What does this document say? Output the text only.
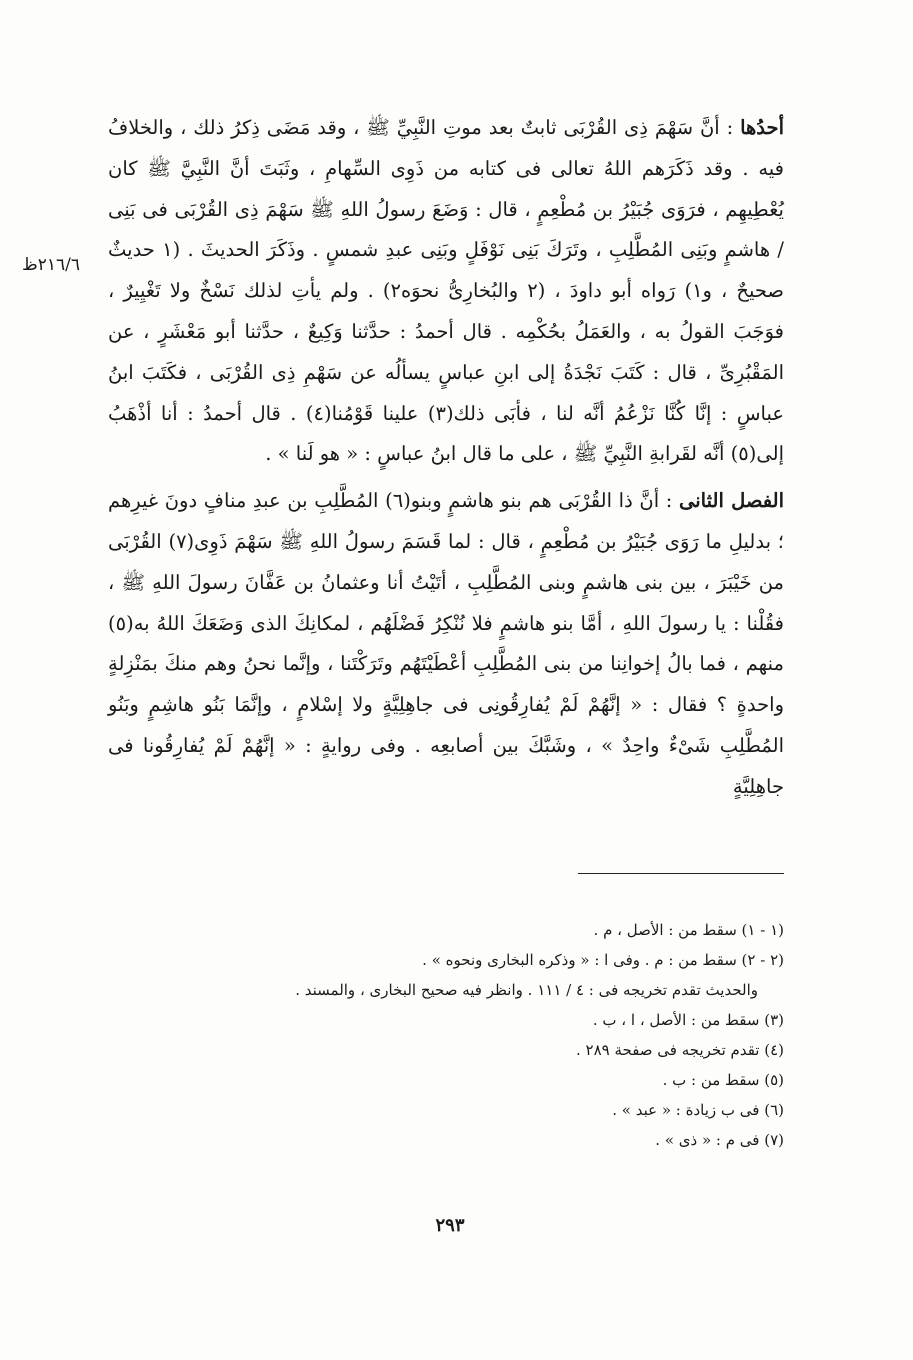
٢١٦/٦ظ

أحدُها : أنَّ سَهْمَ ذِى القُرْبَى ثابتٌ بعد موتِ النَّبِيِّ ﷺ ، وقد مَضَى ذِكرُ ذلك ، والخلافُ فيه . وقد ذَكَرَهم اللهُ تعالى فى كتابه من ذَوِى السِّهامِ ، وثَبَتَ أنَّ النَّبِيَّ ﷺ كان يُعْطِيهِم ، فرَوَى جُبَيْرُ بن مُطْعِمٍ ، قال : وَضَعَ رسولُ اللهِ ﷺ سَهْمَ ذِى القُرْبَى فى بَنِى / هاشمٍ وبَنِى المُطَّلِبِ ، وتَرَكَ بَنِى نَوْفَلٍ وبَنِى عبدِ شمسٍ . وذَكَرَ الحديثَ . (١ حديثٌ صحيحٌ ، و١) رَواه أبو داودَ ، (٢ والبُخارِىُّ نحوَه٢) . ولم يأتِ لذلك نَسْخٌ ولا تَغْيِيرٌ ، فوَجَبَ القولُ به ، والعَمَلُ بحُكْمِه . قال أحمدُ : حدَّثنا وَكِيعٌ ، حدَّثنا أبو مَعْشَرٍ ، عن المَقْبُرِىِّ ، قال : كَتَبَ نَجْدَةُ إلى ابنِ عباسٍ يسألُه عن سَهْمِ ذِى القُرْبَى ، فكَتَبَ ابنُ عباسٍ : إنَّا كُنَّا نَزْعُمُ أنَّه لنا ، فأبَى ذلك(٣) علينا قَوْمُنا(٤) . قال أحمدُ : أنا أذْهَبُ إلى(٥) أنَّه لقَرابةِ النَّبِيِّ ﷺ ، على ما قال ابنُ عباسٍ : « هو لَنا » .

الفصل الثانى : أنَّ ذا القُرْبَى هم بنو هاشمٍ وبنو(٦) المُطَّلِبِ بن عبدِ منافٍ دونَ غيرِهم ؛ بدليلِ ما رَوَى جُبَيْرُ بن مُطْعِمٍ ، قال : لما قَسَمَ رسولُ اللهِ ﷺ سَهْمَ ذَوِى(٧) القُرْبَى من خَيْبَرَ ، بين بنى هاشمٍ وبنى المُطَّلِبِ ، أتَيْتُ أنا وعثمانُ بن عَفَّانَ رسولَ اللهِ ﷺ ، فقُلْنا : يا رسولَ اللهِ ، أمَّا بنو هاشمٍ فلا نُنْكِرُ فَضْلَهُم ، لمكانِكَ الذى وَضَعَكَ اللهُ به(٥) منهم ، فما بالُ إخوانِنا من بنى المُطَّلِبِ أعْطَيْتَهُم وتَرَكْتَنا ، وإنَّما نحنُ وهم منكَ بمَنْزِلةٍ واحدةٍ ؟ فقال : « إنَّهُمْ لَمْ يُفارِقُونِى فى جاهِلِيَّةٍ ولا إسْلامٍ ، وإنَّمَا بَنُو هاشِمٍ وبَنُو المُطَّلِبِ شَىْءٌ واحِدٌ » ، وشَبَّكَ بين أصابعِه . وفى روايةٍ : « إنَّهُمْ لَمْ يُفارِقُونا فى جاهِلِيَّةٍ

(١ - ١) سقط من : الأصل ، م .
(٢ - ٢) سقط من : م . وفى ا : « وذكره البخارى ونحوه » .
والحديث تقدم تخريجه فى : ٤ / ١١١ . وانظر فيه صحيح البخارى ، والمسند .
(٣) سقط من : الأصل ، ا ، ب .
(٤) تقدم تخريجه فى صفحة ٢٨٩ .
(٥) سقط من : ب .
(٦) فى ب زيادة : « عبد » .
(٧) فى م : « ذى » .
٢٩٣
